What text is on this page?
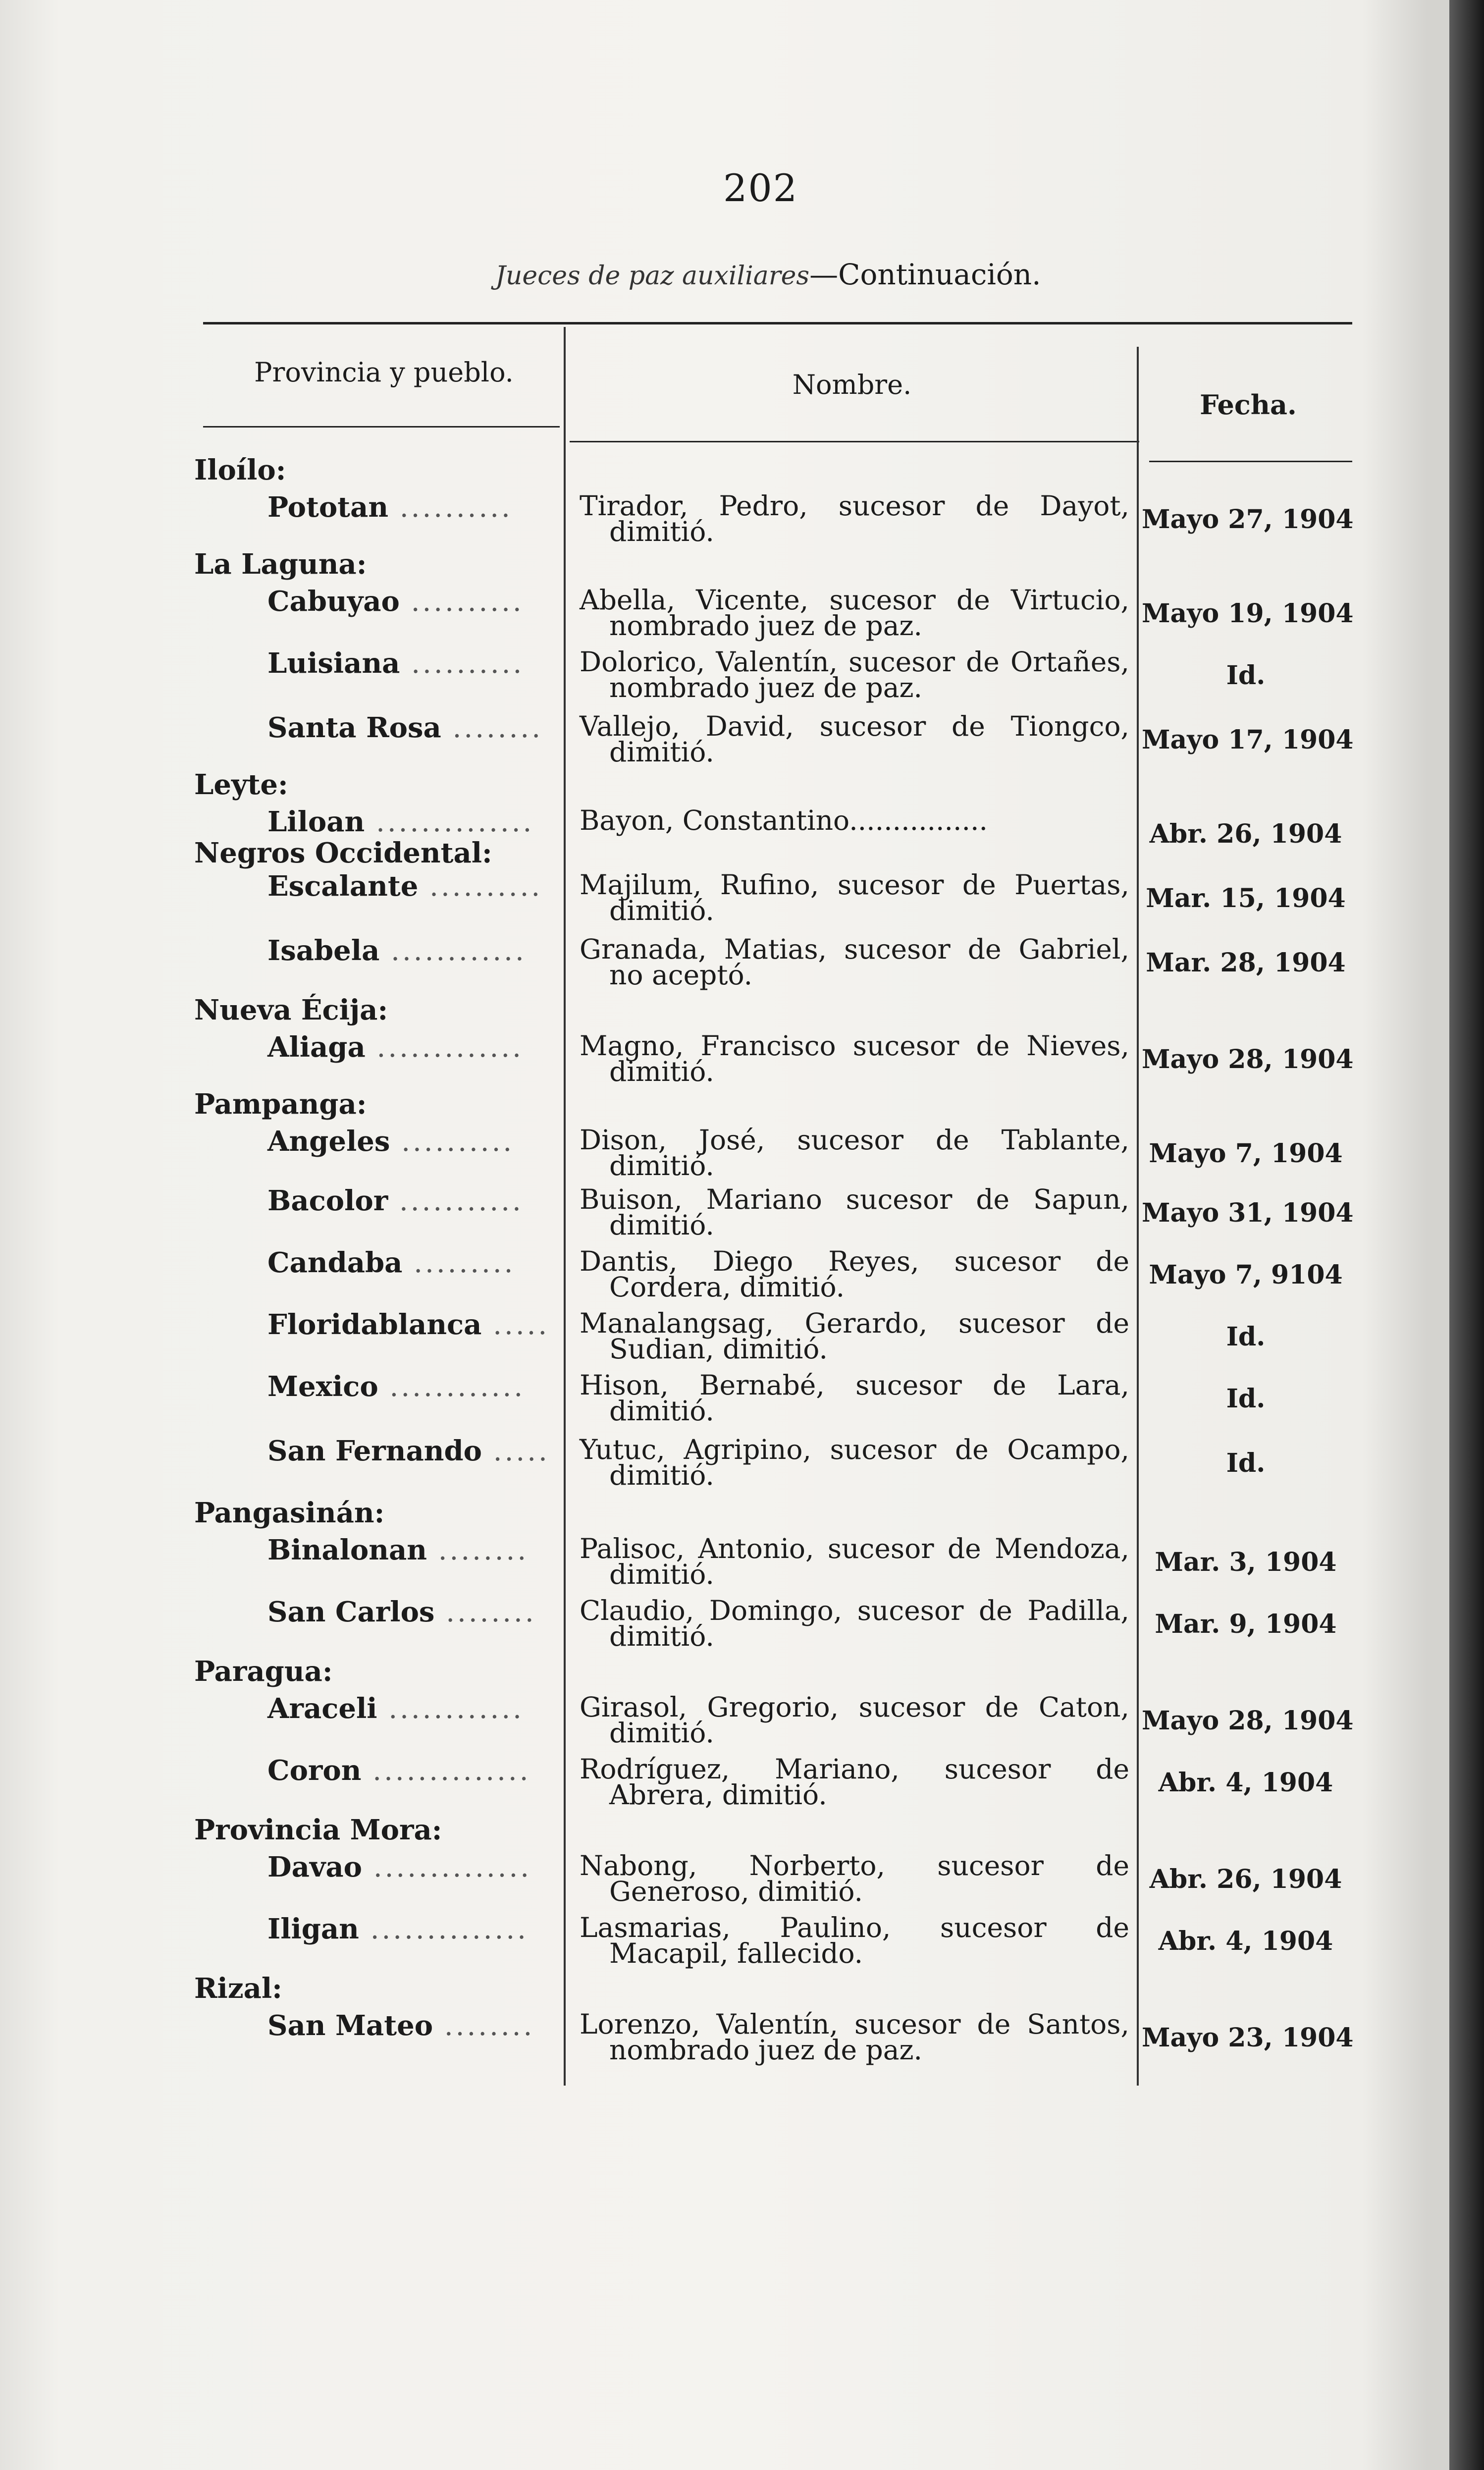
202
Jueces de paz auxiliares—Continuación.
Provincia y pueblo.	Nombre.
Fecha.
Iloílo:
Pototan .......... Tirador, Pedro, sucesor de Dayot, dimitió.	Mayo 27, 1904
La Laguna:
Cabuyao .......... Abella, Vicente, sucesor de Virtucio, nombrado juez de paz.	Mayo 19, 1904
Luisiana .......... Dolorico, Valentín, sucesor de Ortañes, nombrado juez de paz.	Id.
Santa Rosa ........ Vallejo, David, sucesor de Tiongco, dimitió.	Mayo 17, 1904
Leyte:
Liloan .............. Bayon, Constantino................	Abr. 26, 1904
Negros Occidental:
Escalante .......... Majilum, Rufino, sucesor de Puertas, dimitió.	Mar. 15, 1904
Isabela ............ Granada, Matias, sucesor de Gabriel, no aceptó.	Mar. 28, 1904
Nueva Écija:
Aliaga ............. Magno, Francisco sucesor de Nieves, dimitió.	Mayo 28, 1904
Pampanga:
Angeles .......... Dison, José, sucesor de Tablante, dimitió.	Mayo 7, 1904
Bacolor ........... Buison, Mariano sucesor de Sapun, dimitió.	Mayo 31, 1904
Candaba ......... Dantis, Diego Reyes, sucesor de Cordera, dimitió.	Mayo 7, 9104
Floridablanca ..... Manalangsag, Gerardo, sucesor de Sudian, dimitió.	Id.
Mexico ............ Hison, Bernabé, sucesor de Lara, dimitió.	Id.
San Fernando ..... Yutuc, Agripino, sucesor de Ocampo, dimitió.	Id.
Pangasinán:
Binalonan ........ Palisoc, Antonio, sucesor de Mendoza, dimitió.	Mar. 3, 1904
San Carlos ........ Claudio, Domingo, sucesor de Padilla, dimitió.	Mar. 9, 1904
Paragua:
Araceli ............ Girasol, Gregorio, sucesor de Caton, dimitió.	Mayo 28, 1904
Coron .............. Rodríguez, Mariano, sucesor de Abrera, dimitió.	Abr. 4, 1904
Provincia Mora:
Davao .............. Nabong, Norberto, sucesor de Generoso, dimitió.	Abr. 26, 1904
Iligan .............. Lasmarias, Paulino, sucesor de Macapil, fallecido.	Abr. 4, 1904
Rizal:
San Mateo ........ Lorenzo, Valentín, sucesor de Santos, nombrado juez de paz.	Mayo 23, 1904
